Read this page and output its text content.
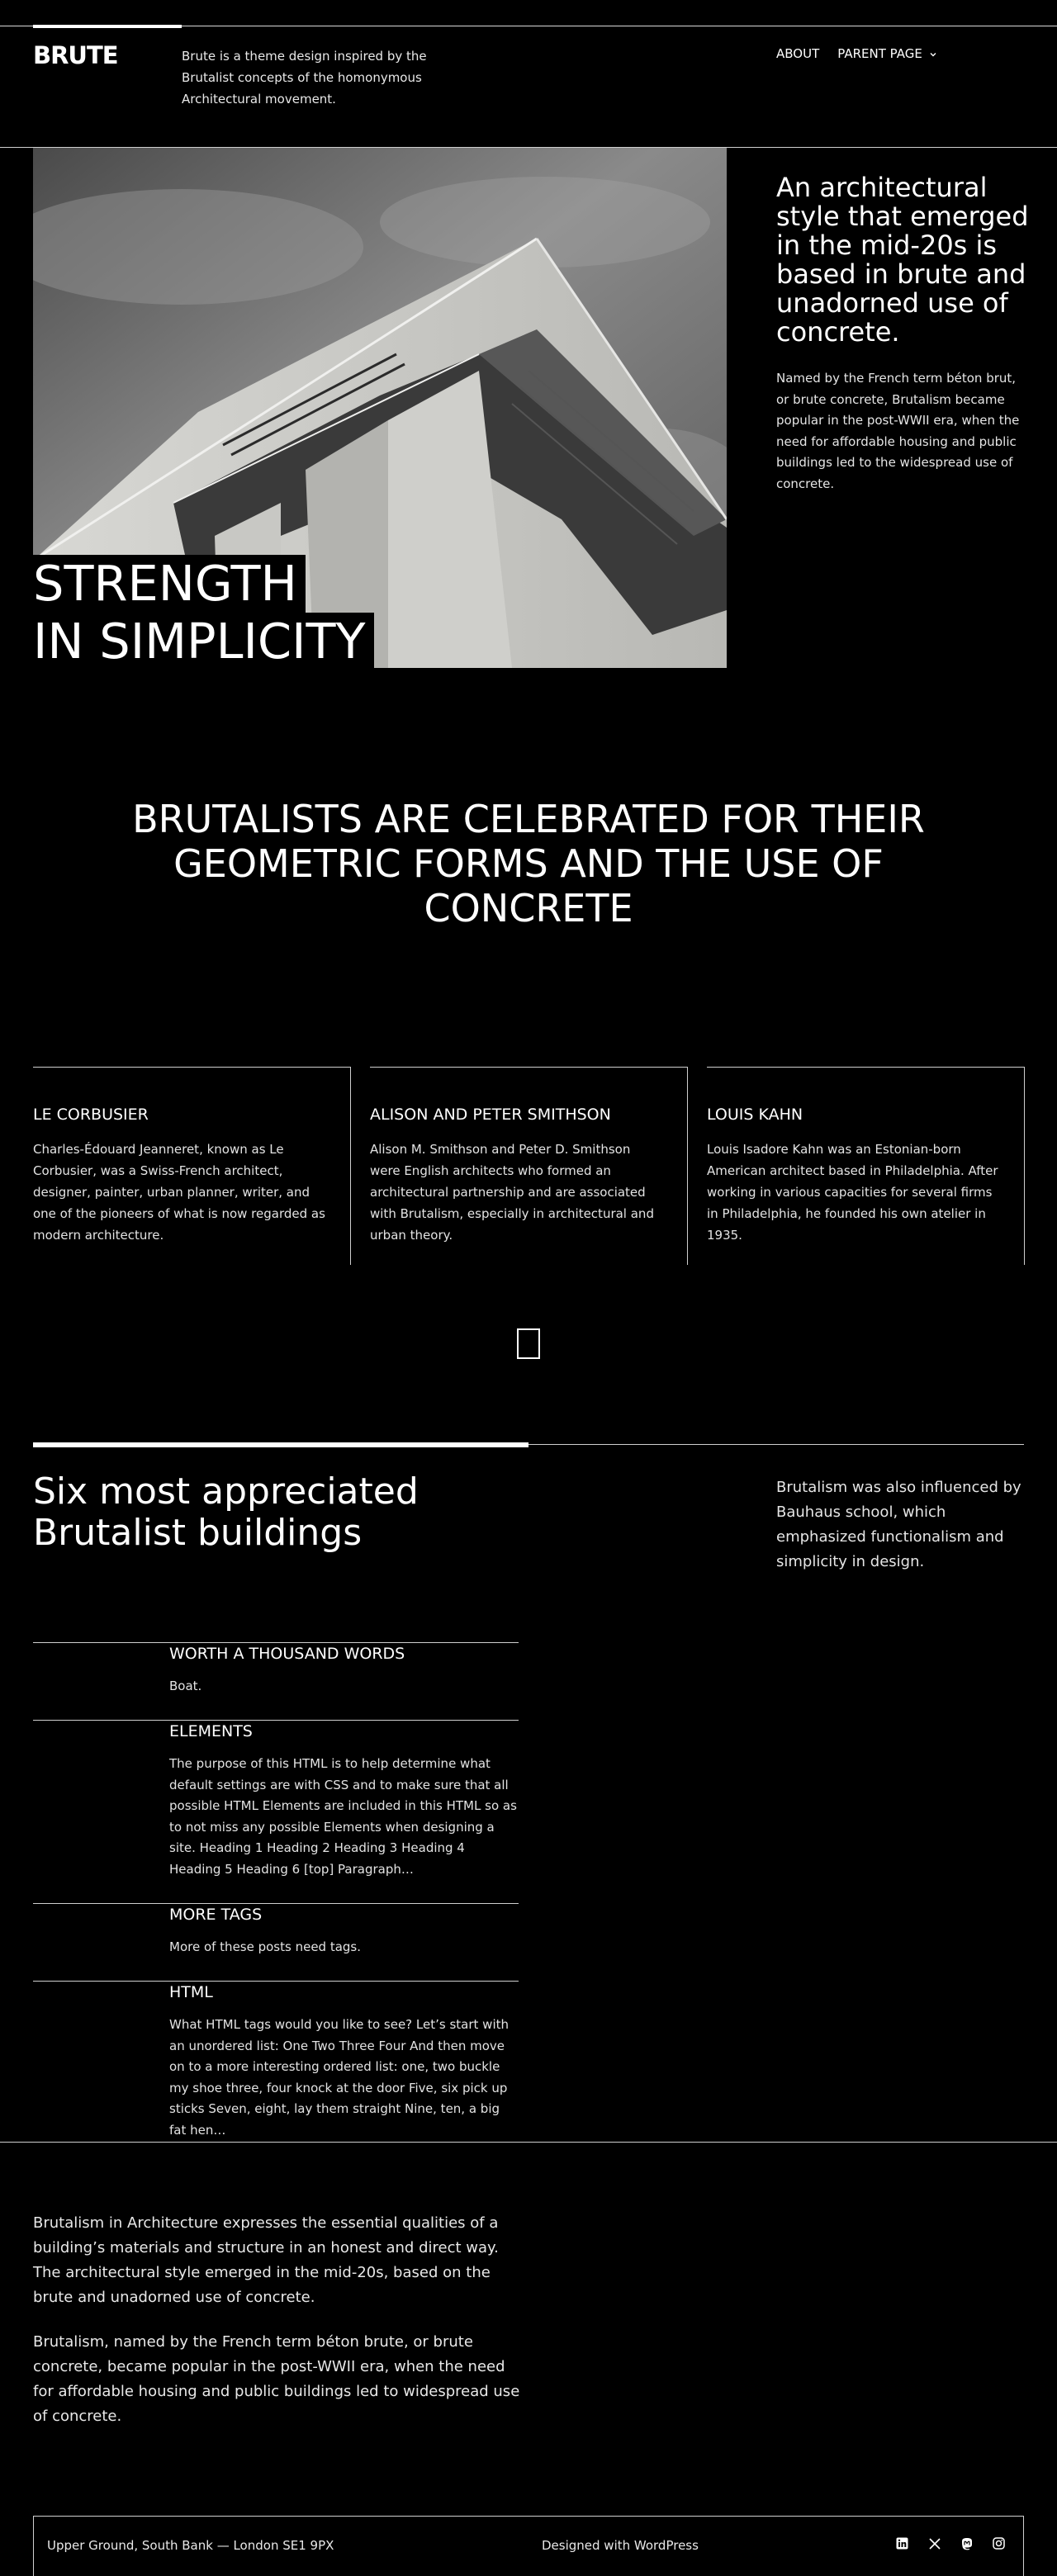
BRUTE	Brute is a theme design inspired by the Brutalist concepts of the homonymous Architectural movement.
ABOUT PARENT PAGE
STRENGTH
IN SIMPLICITY
An architectural style that emerged in the mid-20s is based in brute and unadorned use of concrete.

Named by the French term béton brut, or brute concrete, Brutalism became popular in the post-WWII era, when the need for affordable housing and public buildings led to the widespread use of concrete.

BRUTALISTS ARE CELEBRATED FOR THEIR GEOMETRIC FORMS AND THE USE OF CONCRETE
LE CORBUSIER

Charles-Édouard Jeanneret, known as Le Corbusier, was a Swiss-French architect, designer, painter, urban planner, writer, and one of the pioneers of what is now regarded as modern architecture.

ALISON AND PETER SMITHSON

Alison M. Smithson and Peter D. Smithson were English architects who formed an architectural partnership and are associated with Brutalism, especially in architectural and urban theory.

LOUIS KAHN

Louis Isadore Kahn was an Estonian-born American architect based in Philadelphia. After working in various capacities for several firms in Philadelphia, he founded his own atelier in 1935.

Six most appreciated
Brutalist buildings

Brutalism was also influenced by Bauhaus school, which emphasized functionalism and simplicity in design.

WORTH A THOUSAND WORDS

Boat.

ELEMENTS

The purpose of this HTML is to help determine what default settings are with CSS and to make sure that all possible HTML Elements are included in this HTML so as to not miss any possible Elements when designing a site. Heading 1 Heading 2 Heading 3 Heading 4 Heading 5 Heading 6 [top] Paragraph…

MORE TAGS

More of these posts need tags.

HTML

What HTML tags would you like to see? Let’s start with an unordered list: One Two Three Four And then move on to a more interesting ordered list: one, two buckle my shoe three, four knock at the door Five, six pick up sticks Seven, eight, lay them straight Nine, ten, a big fat hen…

Brutalism in Architecture expresses the essential qualities of a building’s materials and structure in an honest and direct way. The architectural style emerged in the mid-20s, based on the brute and unadorned use of concrete.

Brutalism, named by the French term béton brute, or brute concrete, became popular in the post-WWII era, when the need for affordable housing and public buildings led to widespread use of concrete.

Upper Ground, South Bank — London SE1 9PX	Designed with WordPress
